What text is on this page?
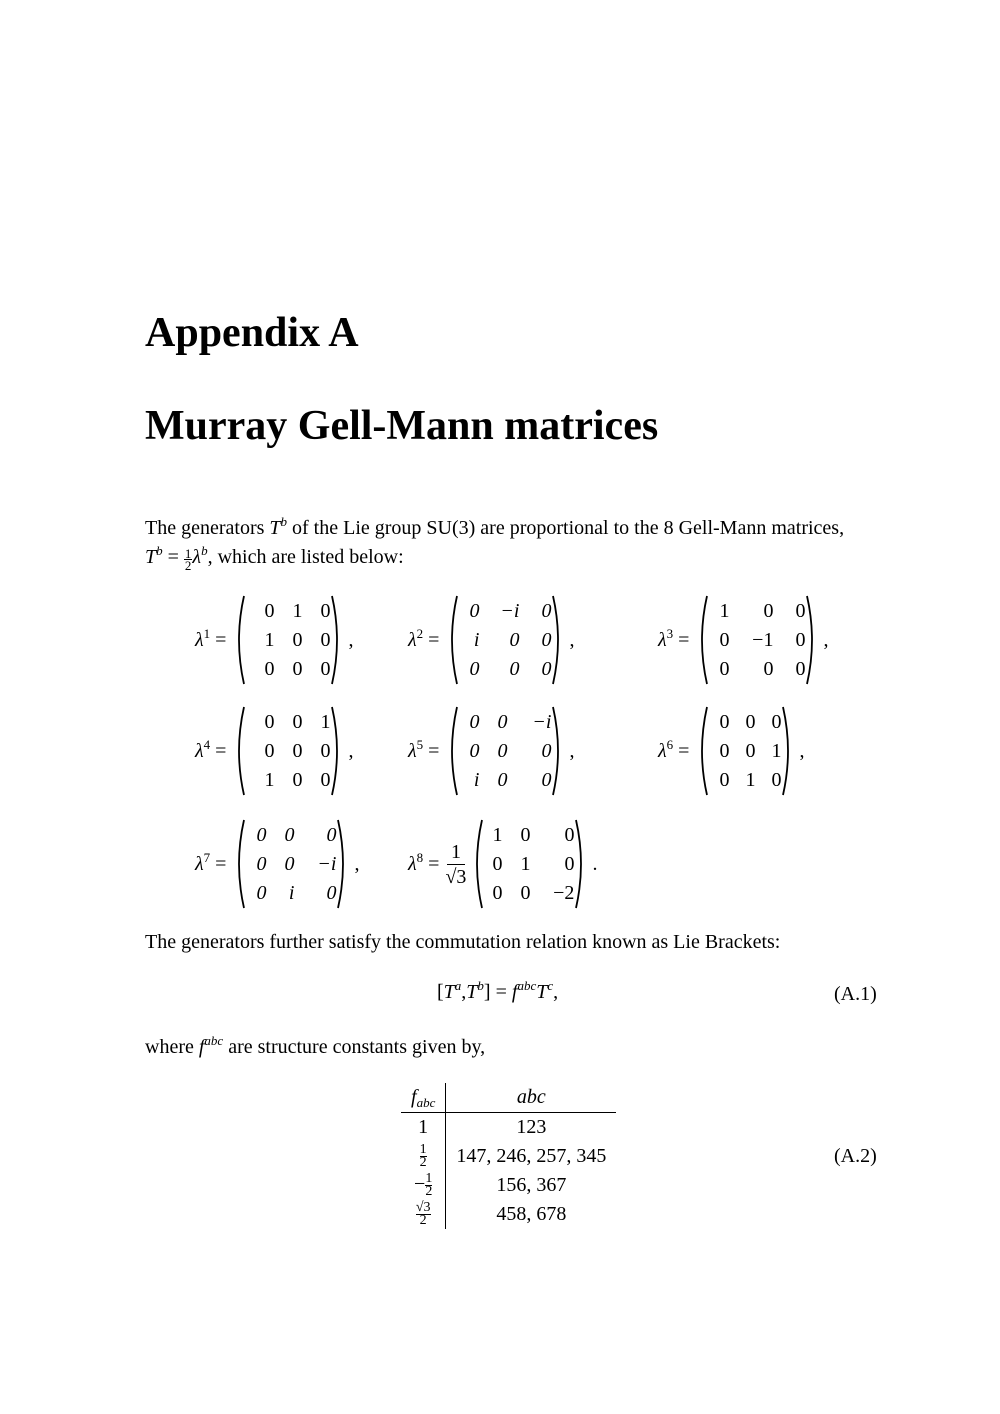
Appendix A
Murray Gell-Mann matrices
The generators $T^b$ of the Lie group SU(3) are proportional to the 8 Gell-Mann matrices,
$T^b = \frac{1}{2} \lambda^b$, which are listed below:
$\lambda^1$ =
0 1 0
1 0 0
0 0 0
,	$\lambda^2$ =
0	−i	0
i	0	0
0	0	0
,	$\lambda^3$ =
1	0	0
0	−1	0
0	0	0
,
$\lambda^4$ =
0 0 1
0 0 0
1 0 0
,	$\lambda^5$ =
0 0	−i
0 0	0
i 0	0
,	$\lambda^6$ =
0 0 0
0 0 1
0 1 0
,
$\lambda^7$ =
0 0	0
0 0	−i
0	i	0
, $\lambda^8 = \frac{1}{√3}$
1 0	0
0 1	0
0 0	−2
.
The generators further satisfy the commutation relation known as Lie Brackets:
$[T^a,T^b] = f^{abc}T^c$,	(A.1)
where $f^{abc}$ are structure constants given by,
$f_{abc}$	abc
1	123

$\frac{1}{2}$	147, 246, 257, 345
− $\frac{1}{2}$	156, 367

$\frac{√3}{2}$	458, 678
(A.2)
